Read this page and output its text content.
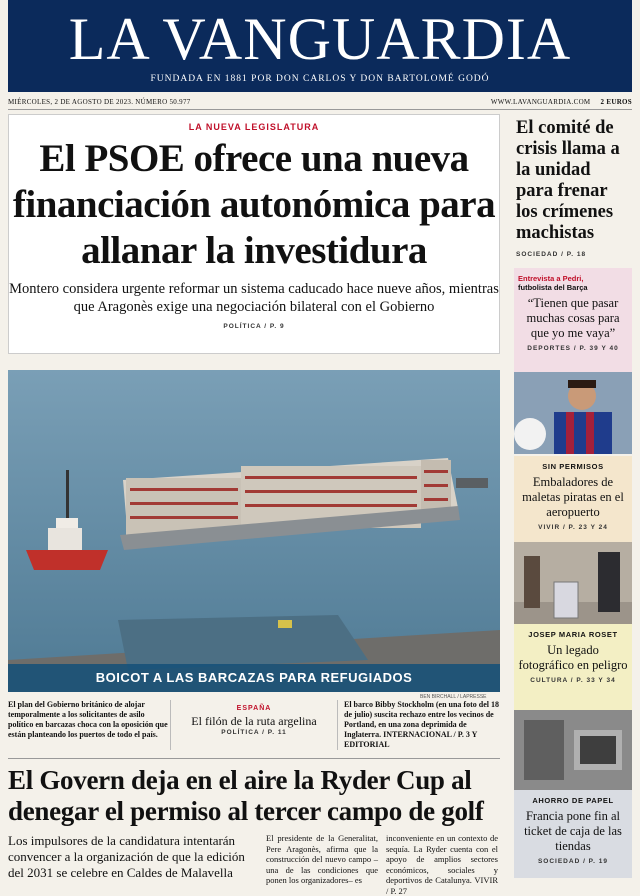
LA VANGUARDIA
FUNDADA EN 1881 POR DON CARLOS Y DON BARTOLOMÉ GODÓ
MIÉRCOLES, 2 DE AGOSTO DE 2023. NÚMERO 50.977	WWW.LAVANGUARDIA.COM 2 EUROS
LA NUEVA LEGISLATURA
El PSOE ofrece una nueva financiación autonómica para allanar la investidura

Montero considera urgente reformar un sistema caducado hace nueve años, mientras que Aragonès exige una negociación bilateral con el Gobierno

POLÍTICA / P. 9
BOICOT A LAS BARCAZAS PARA REFUGIADOS
BEN BIRCHALL / LAPRESSE
El plan del Gobierno británico de alojar temporalmente a los solicitantes de asilo político en barcazas choca con la oposición que están planteando los puertos de todo el país.
ESPAÑA
El filón de la ruta argelina
POLÍTICA / P. 11
El barco Bibby Stockholm (en una foto del 18 de julio) suscita rechazo entre los vecinos de Portland, en una zona deprimida de Inglaterra. INTERNACIONAL / P. 3 Y EDITORIAL
El Govern deja en el aire la Ryder Cup al denegar el permiso al tercer campo de golf

Los impulsores de la candidatura intentarán convencer a la organización de que la edición del 2031 se celebre en Caldes de Malavella

El presidente de la Generalitat, Pere Aragonès, afirma que la construcción del nuevo campo –una de las condiciones que ponen los organizadores– es

inconveniente en un contexto de sequía. La Ryder cuenta con el apoyo de amplios sectores económicos, sociales y deportivos de Catalunya. VIVIR / P. 27

El comité de crisis llama a la unidad para frenar los crímenes machistas
SOCIEDAD / P. 18
Entrevista a Pedri,
futbolista del Barça
“Tienen que pasar muchas cosas para que yo me vaya”
DEPORTES / P. 39 Y 40
SIN PERMISOS
Embaladores de maletas piratas en el aeropuerto
VIVIR / P. 23 Y 24
JOSEP MARIA ROSET
Un legado fotográfico en peligro
CULTURA / P. 33 Y 34
AHORRO DE PAPEL
Francia pone fin al ticket de caja de las tiendas
SOCIEDAD / P. 19
